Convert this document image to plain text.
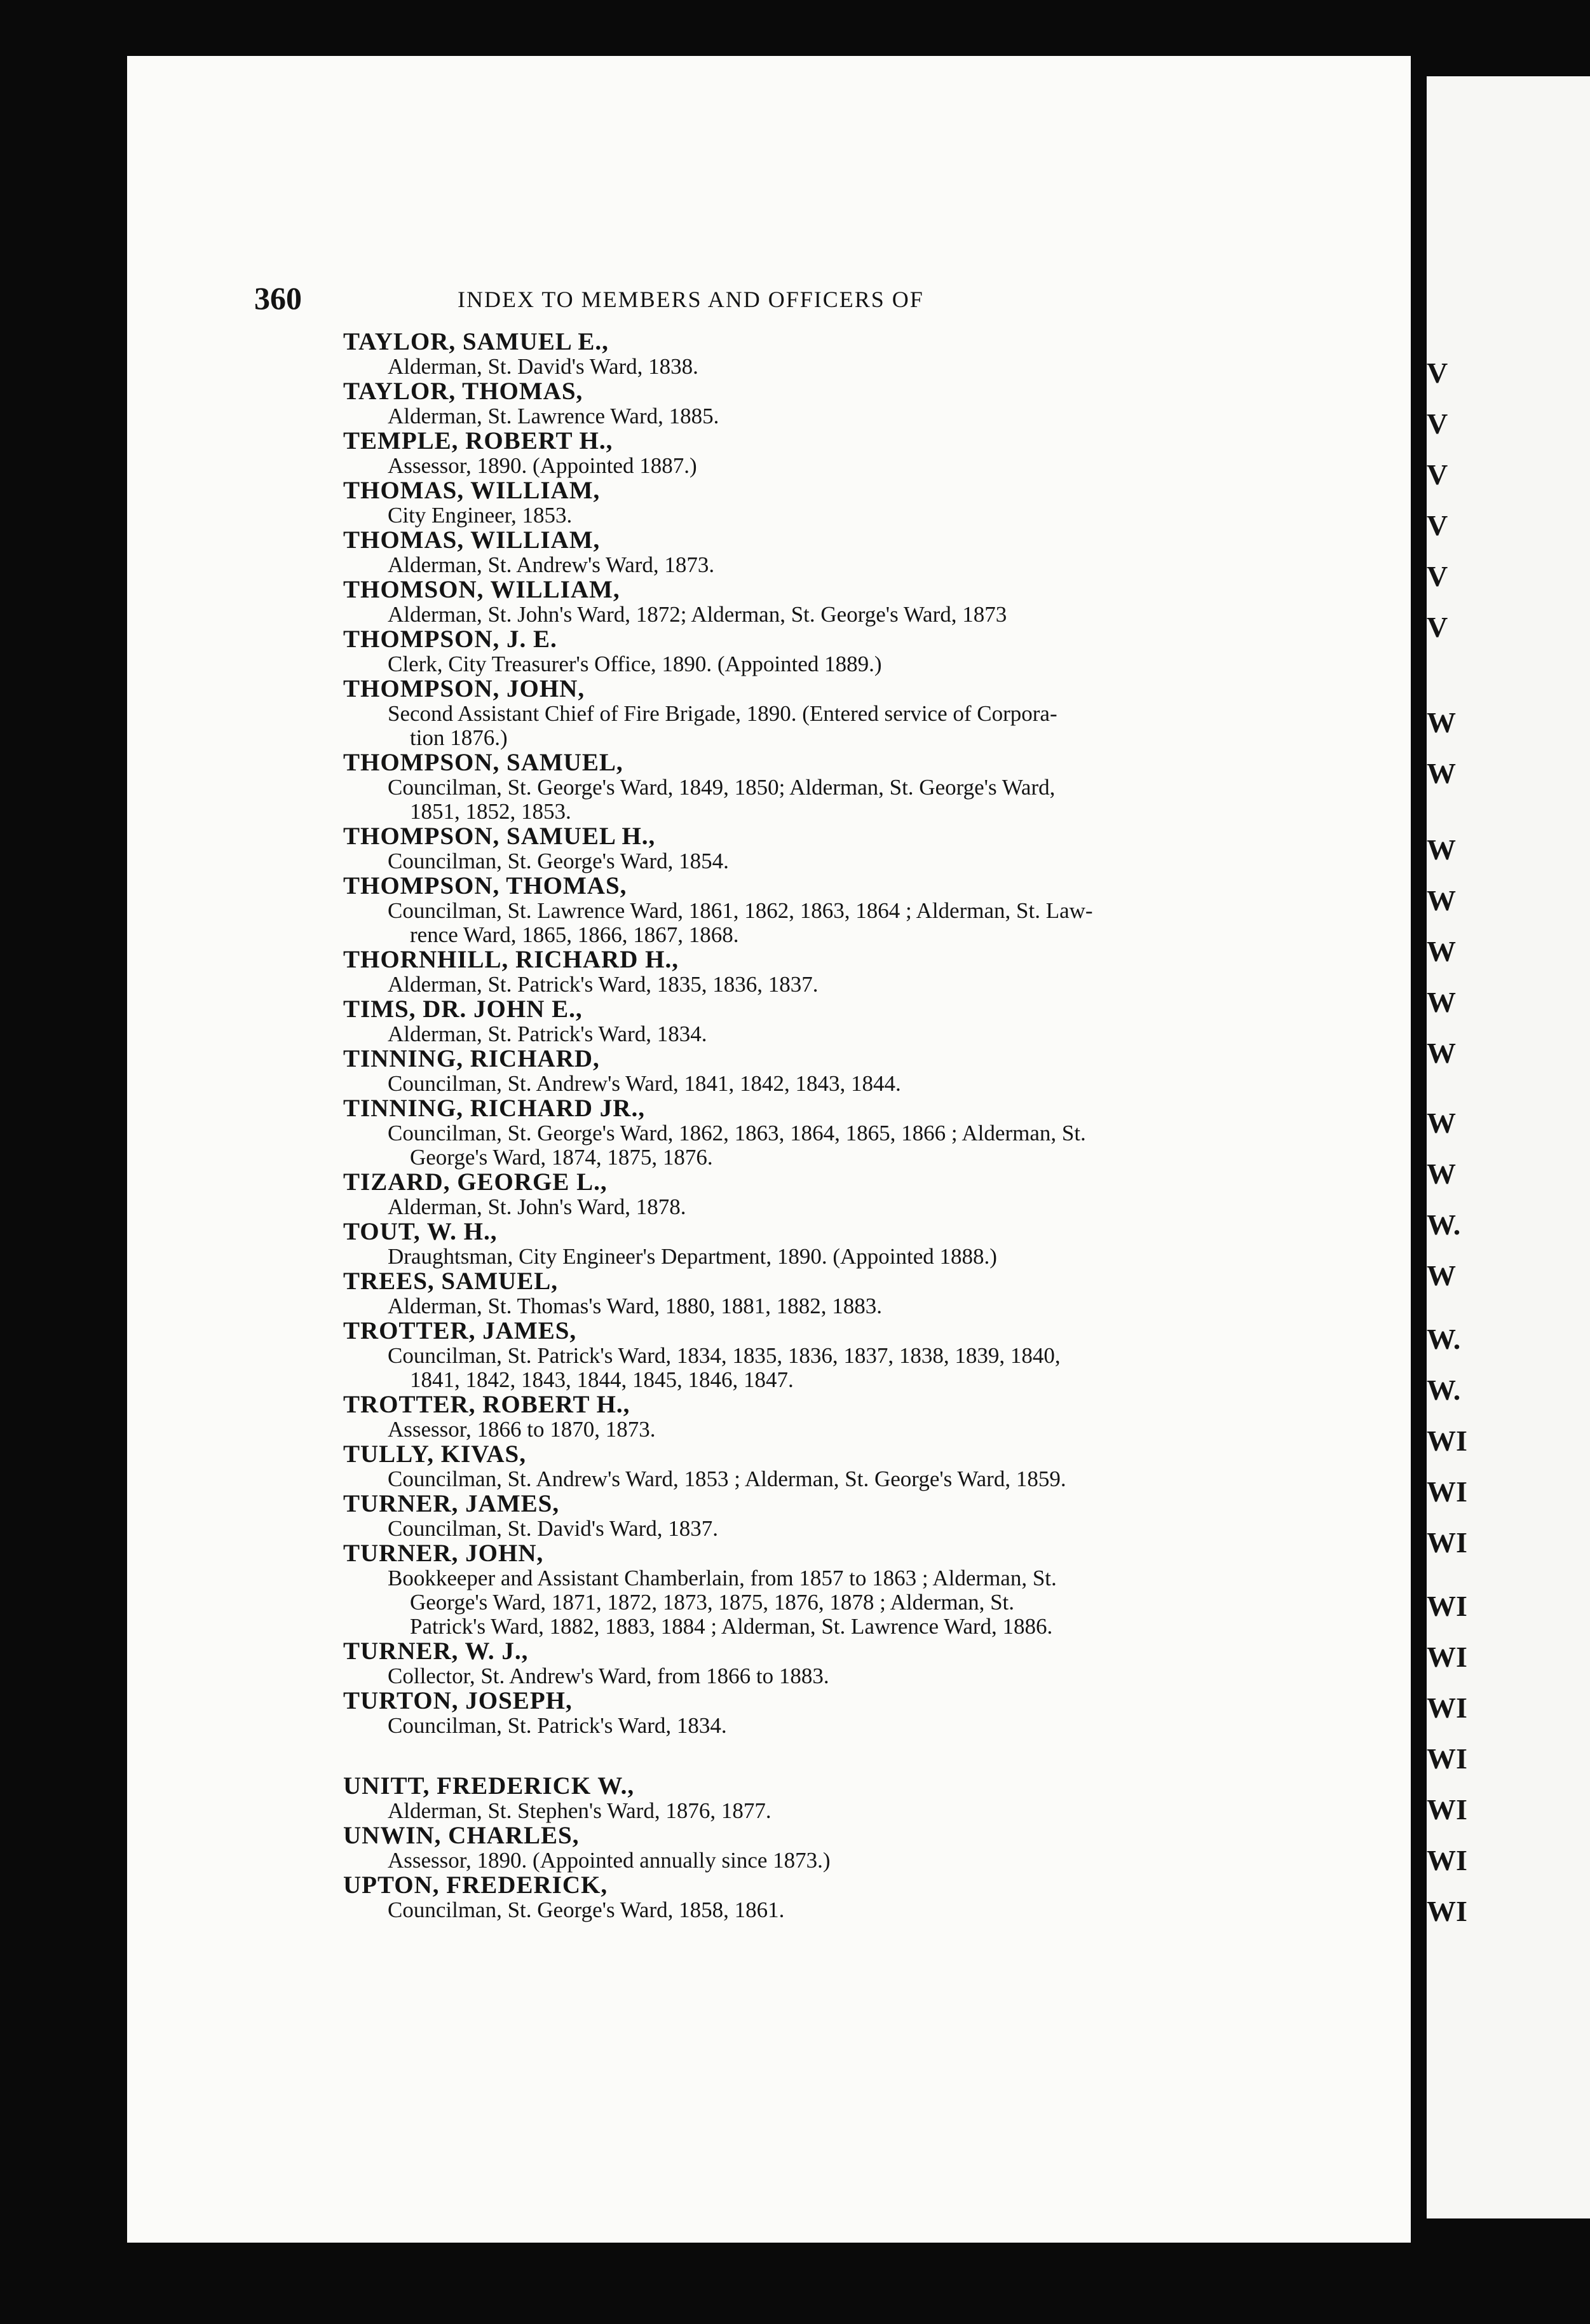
V
V
V
V
V
V
W
W
W
W
W
W
W
W
W
W.
W
W.
W.
WI
WI
WI
WI
WI
WI
WI
WI
WI
WI
360	INDEX TO MEMBERS AND OFFICERS OF
TAYLOR, SAMUEL E.,
Alderman, St. David's Ward, 1838.
TAYLOR, THOMAS,
Alderman, St. Lawrence Ward, 1885.
TEMPLE, ROBERT H.,
Assessor, 1890. (Appointed 1887.)
THOMAS, WILLIAM,
City Engineer, 1853.
THOMAS, WILLIAM,
Alderman, St. Andrew's Ward, 1873.
THOMSON, WILLIAM,
Alderman, St. John's Ward, 1872; Alderman, St. George's Ward, 1873
THOMPSON, J. E.
Clerk, City Treasurer's Office, 1890. (Appointed 1889.)
THOMPSON, JOHN,
Second Assistant Chief of Fire Brigade, 1890. (Entered service of Corpora-
tion 1876.)
THOMPSON, SAMUEL,
Councilman, St. George's Ward, 1849, 1850; Alderman, St. George's Ward,
1851, 1852, 1853.
THOMPSON, SAMUEL H.,
Councilman, St. George's Ward, 1854.
THOMPSON, THOMAS,
Councilman, St. Lawrence Ward, 1861, 1862, 1863, 1864 ; Alderman, St. Law-
rence Ward, 1865, 1866, 1867, 1868.
THORNHILL, RICHARD H.,
Alderman, St. Patrick's Ward, 1835, 1836, 1837.
TIMS, DR. JOHN E.,
Alderman, St. Patrick's Ward, 1834.
TINNING, RICHARD,
Councilman, St. Andrew's Ward, 1841, 1842, 1843, 1844.
TINNING, RICHARD JR.,
Councilman, St. George's Ward, 1862, 1863, 1864, 1865, 1866 ; Alderman, St.
George's Ward, 1874, 1875, 1876.
TIZARD, GEORGE L.,
Alderman, St. John's Ward, 1878.
TOUT, W. H.,
Draughtsman, City Engineer's Department, 1890. (Appointed 1888.)
TREES, SAMUEL,
Alderman, St. Thomas's Ward, 1880, 1881, 1882, 1883.
TROTTER, JAMES,
Councilman, St. Patrick's Ward, 1834, 1835, 1836, 1837, 1838, 1839, 1840,
1841, 1842, 1843, 1844, 1845, 1846, 1847.
TROTTER, ROBERT H.,
Assessor, 1866 to 1870, 1873.
TULLY, KIVAS,
Councilman, St. Andrew's Ward, 1853 ; Alderman, St. George's Ward, 1859.
TURNER, JAMES,
Councilman, St. David's Ward, 1837.
TURNER, JOHN,
Bookkeeper and Assistant Chamberlain, from 1857 to 1863 ; Alderman, St.
George's Ward, 1871, 1872, 1873, 1875, 1876, 1878 ; Alderman, St.
Patrick's Ward, 1882, 1883, 1884 ; Alderman, St. Lawrence Ward, 1886.
TURNER, W. J.,
Collector, St. Andrew's Ward, from 1866 to 1883.
TURTON, JOSEPH,
Councilman, St. Patrick's Ward, 1834.
UNITT, FREDERICK W.,
Alderman, St. Stephen's Ward, 1876, 1877.
UNWIN, CHARLES,
Assessor, 1890. (Appointed annually since 1873.)
UPTON, FREDERICK,
Councilman, St. George's Ward, 1858, 1861.
